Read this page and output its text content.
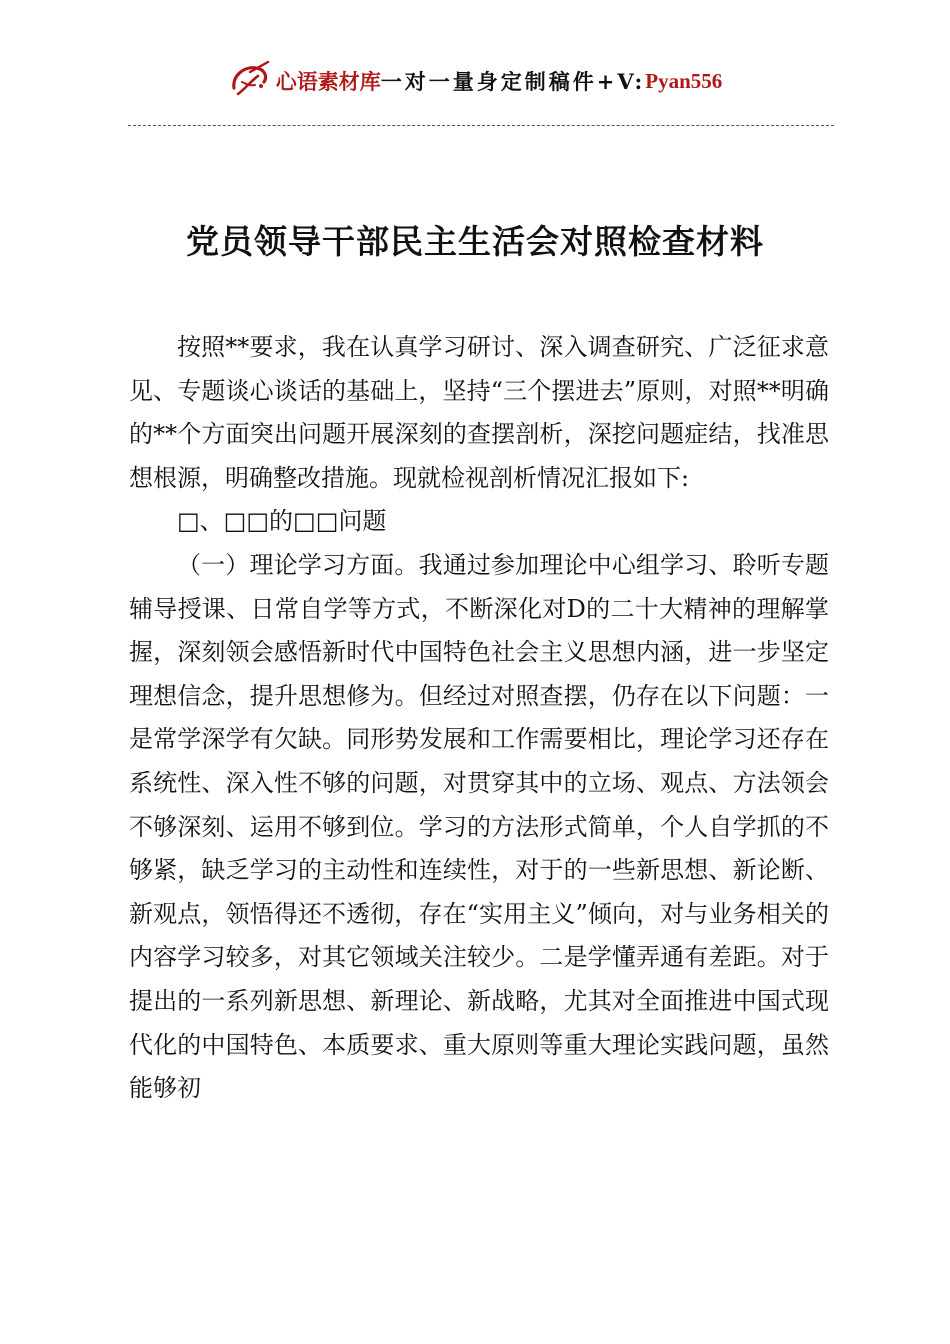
心语素材库 一对一量身定制稿件+V: Pyan556
党员领导干部民主生活会对照检查材料

按照**要求，我在认真学习研讨、深入调查研究、广泛征求意见、专题谈心谈话的基础上，坚持“三个摆进去”原则，对照**明确的**个方面突出问题开展深刻的查摆剖析，深挖问题症结，找准思想根源，明确整改措施。现就检视剖析情况汇报如下:

□、□□的□□问题

（一）理论学习方面。我通过参加理论中心组学习、聆听专题辅导授课、日常自学等方式，不断深化对D的二十大精神的理解掌握，深刻领会感悟新时代中国特色社会主义思想内涵，进一步坚定理想信念，提升思想修为。但经过对照查摆，仍存在以下问题：一是常学深学有欠缺。同形势发展和工作需要相比，理论学习还存在系统性、深入性不够的问题，对贯穿其中的立场、观点、方法领会不够深刻、运用不够到位。学习的方法形式简单，个人自学抓的不够紧，缺乏学习的主动性和连续性，对于的一些新思想、新论断、新观点，领悟得还不透彻，存在“实用主义”倾向，对与业务相关的内容学习较多，对其它领域关注较少。二是学懂弄通有差距。对于提出的一系列新思想、新理论、新战略，尤其对全面推进中国式现代化的中国特色、本质要求、重大原则等重大理论实践问题，虽然能够初
